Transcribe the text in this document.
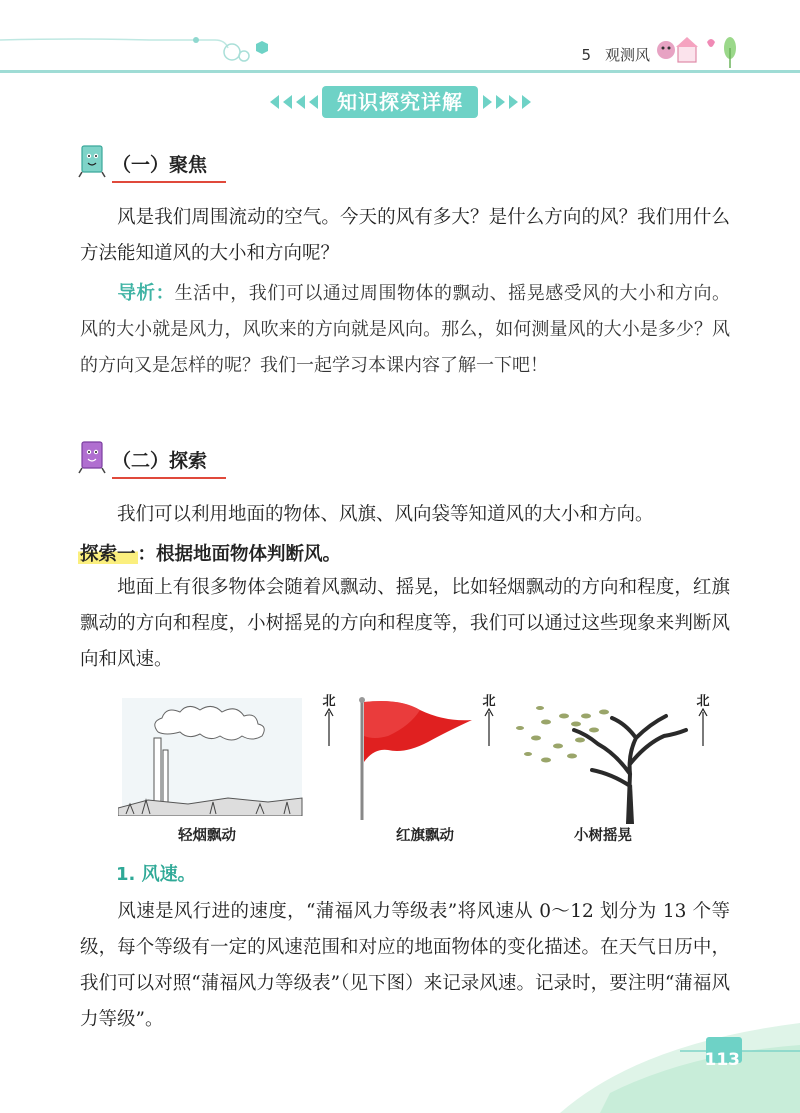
5 观测风
知识探究详解
（一）聚焦
风是我们周围流动的空气。今天的风有多大？是什么方向的风？我们用什么方法能知道风的大小和方向呢？
导析：生活中，我们可以通过周围物体的飘动、摇晃感受风的大小和方向。风的大小就是风力，风吹来的方向就是风向。那么，如何测量风的大小是多少？风的方向又是怎样的呢？我们一起学习本课内容了解一下吧！
（二）探索
我们可以利用地面的物体、风旗、风向袋等知道风的大小和方向。
探索一 ：根据地面物体判断风。
地面上有很多物体会随着风飘动、摇晃，比如轻烟飘动的方向和程度，红旗飘动的方向和程度，小树摇晃的方向和程度等，我们可以通过这些现象来判断风向和风速。
北
轻烟飘动
北
红旗飘动
北
小树摇晃
1. 风速。
风速是风行进的速度，“蒲福风力等级表”将风速从 0～12 划分为 13 个等级，每个等级有一定的风速范围和对应的地面物体的变化描述。在天气日历中，我们可以对照“蒲福风力等级表”（见下图）来记录风速。记录时，要注明“蒲福风力等级”。
113
